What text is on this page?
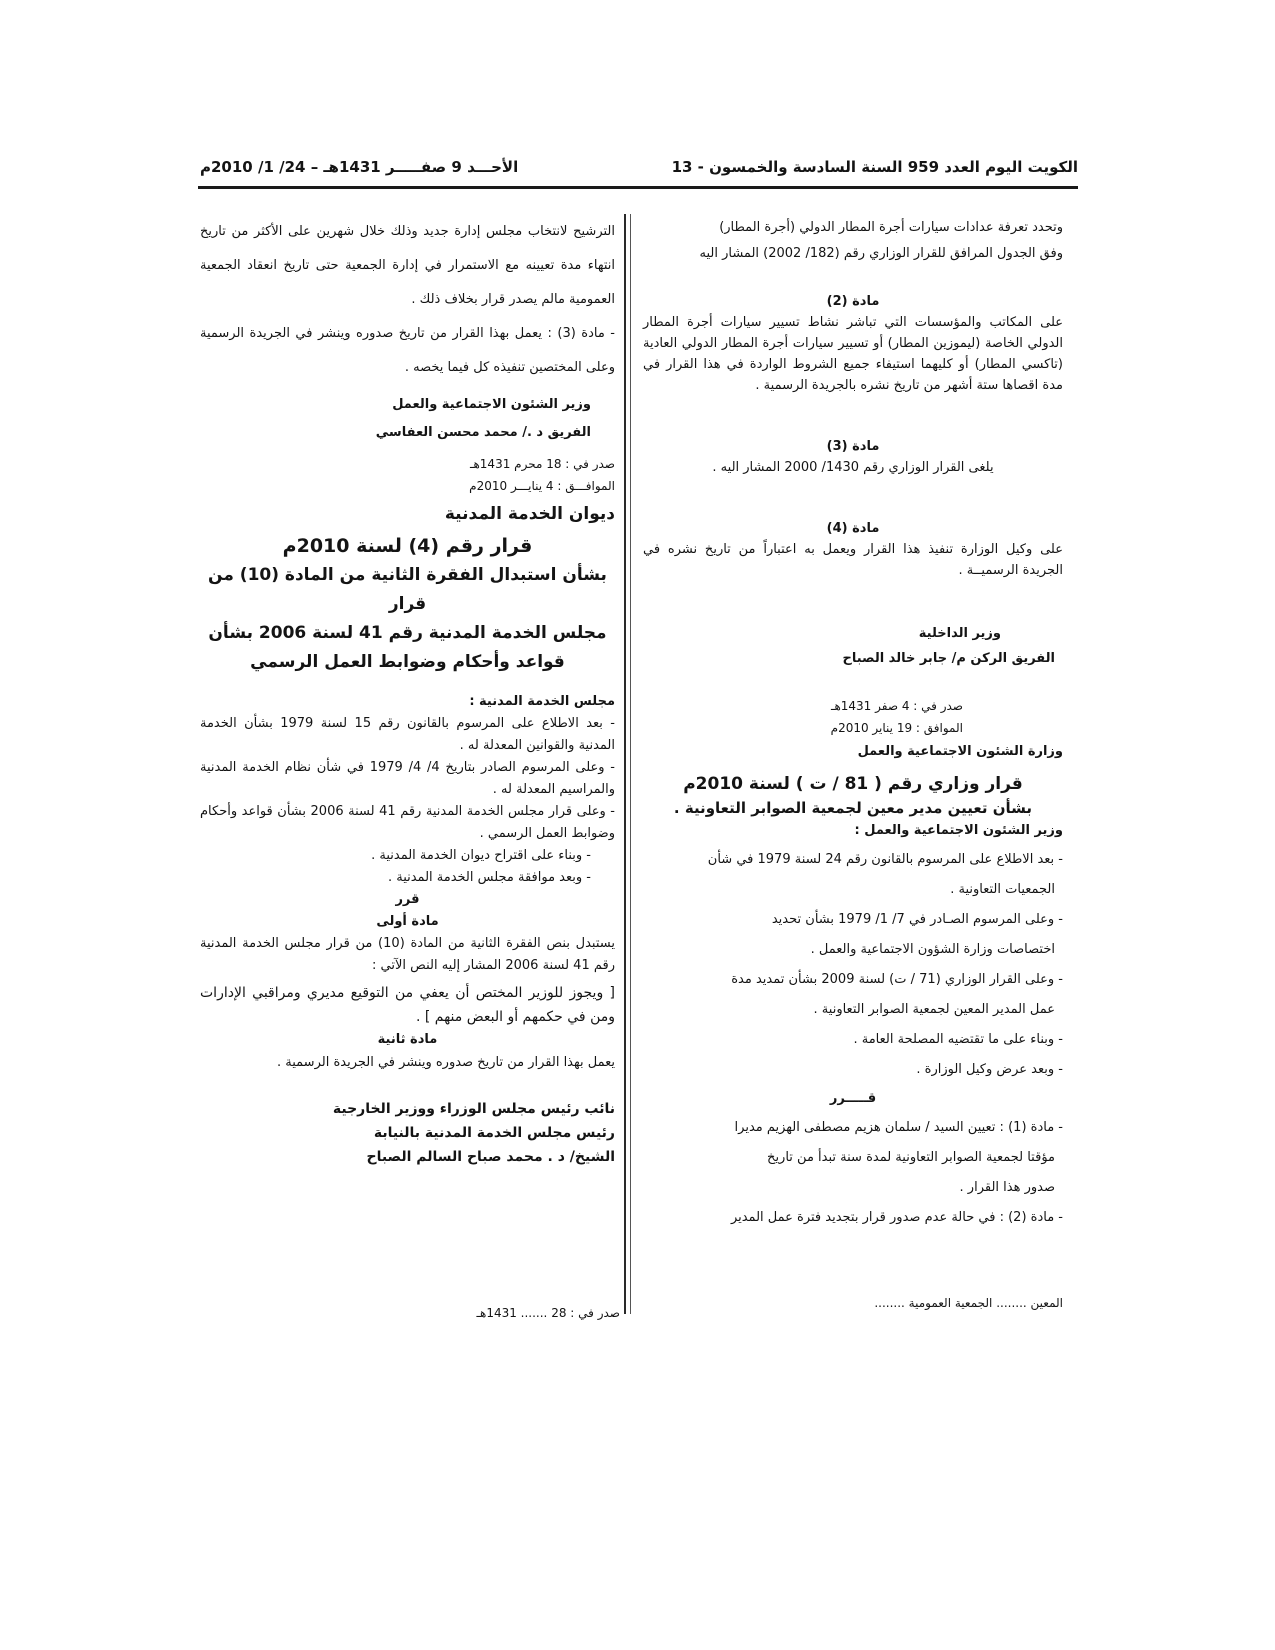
الكويت اليوم العدد 959 السنة السادسة والخمسون - 13
الأحـــد 9 صفـــــر 1431هـ – 24/ 1/ 2010م
وتحدد تعرفة عدادات سيارات أجرة المطار الدولي (أجرة المطار)
وفق الجدول المرافق للقرار الوزاري رقم (182/ 2002) المشار اليه
مادة (2)
على المكاتب والمؤسسات التي تباشر نشاط تسيير سيارات أجرة المطار الدولي الخاصة (ليموزين المطار) أو تسيير سيارات أجرة المطار الدولي العادية (تاكسي المطار) أو كليهما استيفاء جميع الشروط الواردة في هذا القرار في مدة اقصاها ستة أشهر من تاريخ نشره بالجريدة الرسمية .
مادة (3)
يلغى القرار الوزاري رقم 1430/ 2000 المشار اليه .
مادة (4)
على وكيل الوزارة تنفيذ هذا القرار ويعمل به اعتباراً من تاريخ نشره في الجريدة الرسميــة .
وزير الداخلية
الفريق الركن م/ جابر خالد الصباح
صدر في : 4 صفر 1431هـ
الموافق : 19 يناير 2010م
وزارة الشئون الاجتماعية والعمل
قرار وزاري رقم ( 81 / ت ) لسنة 2010م
بشأن تعيين مدير معين لجمعية الصوابر التعاونية .
وزير الشئون الاجتماعية والعمل :
- بعد الاطلاع على المرسوم بالقانون رقم 24 لسنة 1979 في شأن
الجمعيات التعاونية .
- وعلى المرسوم الصـادر في 7/ 1/ 1979 بشأن تحديد
اختصاصات وزارة الشؤون الاجتماعية والعمل .
- وعلى القرار الوزاري (71 / ت) لسنة 2009 بشأن تمديد مدة
عمل المدير المعين لجمعية الصوابر التعاونية .
- وبناء على ما تقتضيه المصلحة العامة .
- وبعد عرض وكيل الوزارة .
قـــــرر
- مادة (1) : تعيين السيد / سلمان هزيم مصطفى الهزيم مديرا
مؤقتا لجمعية الصوابر التعاونية لمدة سنة تبدأ من تاريخ
صدور هذا القرار .
- مادة (2) : في حالة عدم صدور قرار بتجديد فترة عمل المدير
المعين ........ الجمعية العمومية ........
الترشيح لانتخاب مجلس إدارة جديد وذلك خلال شهرين على الأكثر من تاريخ انتهاء مدة تعيينه مع الاستمرار في إدارة الجمعية حتى تاريخ انعقاد الجمعية العمومية مالم يصدر قرار بخلاف ذلك .
- مادة (3) : يعمل بهذا القرار من تاريخ صدوره وينشر في الجريدة الرسمية وعلى المختصين تنفيذه كل فيما يخصه .
وزير الشئون الاجتماعية والعمل
الفريق د ./ محمد محسن العفاسي
صدر في : 18 محرم 1431هـ
الموافـــق : 4 ينايـــر 2010م
ديوان الخدمة المدنية
قرار رقم (4) لسنة 2010م
بشأن استبدال الفقرة الثانية من المادة (10) من قرار
مجلس الخدمة المدنية رقم 41 لسنة 2006 بشأن
قواعد وأحكام وضوابط العمل الرسمي
مجلس الخدمة المدنية :
- بعد الاطلاع على المرسوم بالقانون رقم 15 لسنة 1979 بشأن الخدمة المدنية والقوانين المعدلة له .
- وعلى المرسوم الصادر بتاريخ 4/ 4/ 1979 في شأن نظام الخدمة المدنية والمراسيم المعدلة له .
- وعلى قرار مجلس الخدمة المدنية رقم 41 لسنة 2006 بشأن قواعد وأحكام وضوابط العمل الرسمي .
- وبناء على اقتراح ديوان الخدمة المدنية .
- وبعد موافقة مجلس الخدمة المدنية .
قرر
مادة أولى
يستبدل بنص الفقرة الثانية من المادة (10) من قرار مجلس الخدمة المدنية رقم 41 لسنة 2006 المشار إليه النص الآتي :
[ ويجوز للوزير المختص أن يعفي من التوقيع مديري ومراقبي الإدارات ومن في حكمهم أو البعض منهم ] .
مادة ثانية
يعمل بهذا القرار من تاريخ صدوره وينشر في الجريدة الرسمية .
نائب رئيس مجلس الوزراء ووزير الخارجية
رئيس مجلس الخدمة المدنية بالنيابة
الشيخ/ د . محمد صباح السالم الصباح
صدر في : 28 ....... 1431هـ
